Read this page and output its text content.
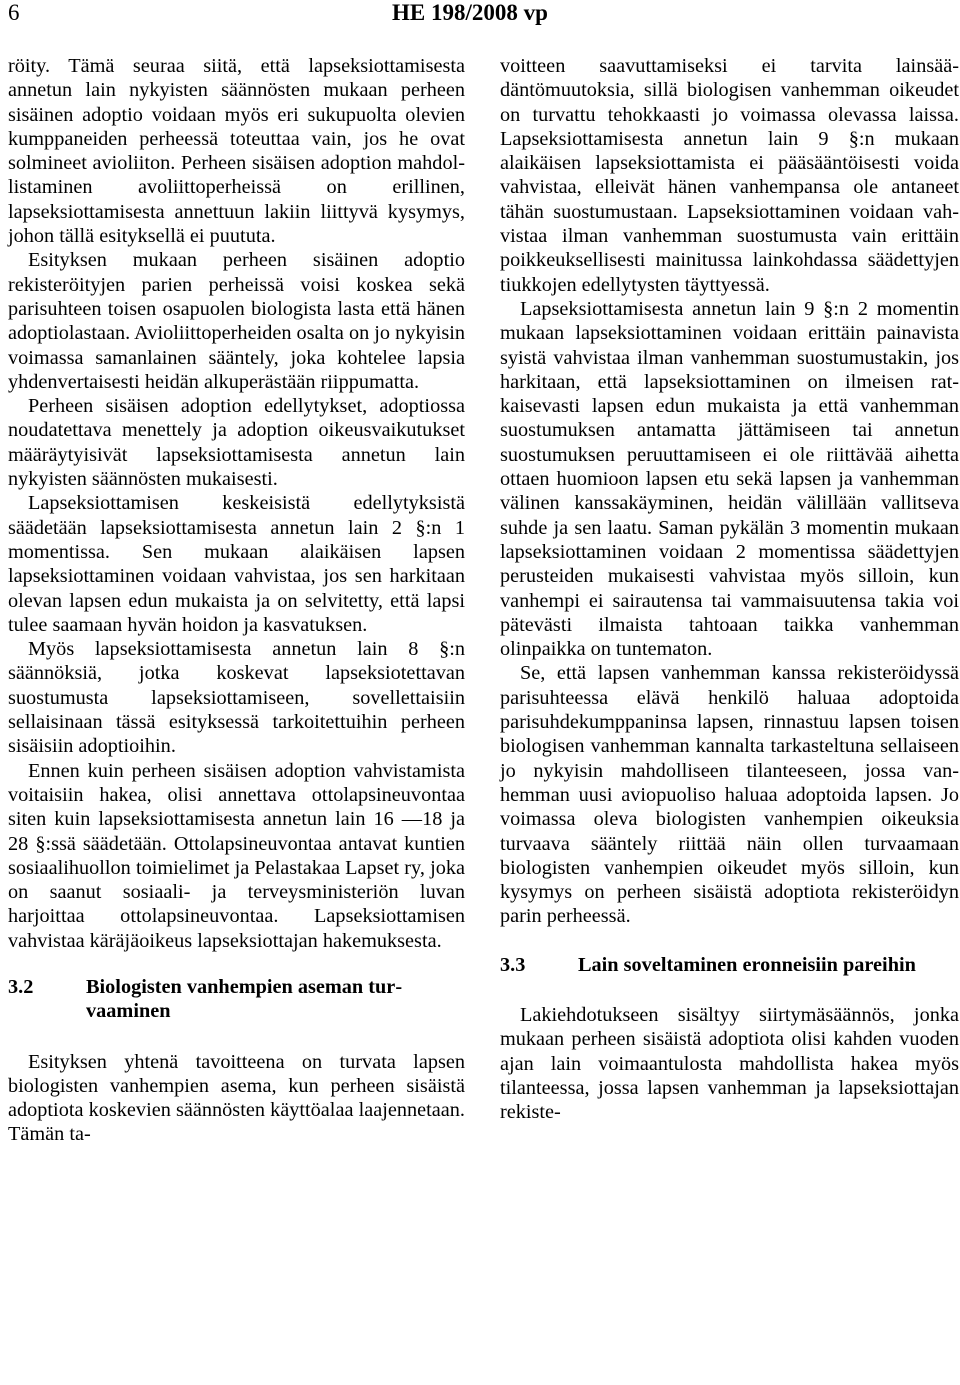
6	HE 198/2008 vp

röity. Tämä seuraa siitä, että lapseksiottamisesta annetun lain nykyisten säännösten mukaan perheen sisäinen adoptio voidaan myös eri sukupuolta olevien kumppaneiden perheessä toteuttaa vain, jos he ovat solmineet avioliiton. Perheen sisäisen adoption mahdollistaminen avoliittoperheissä on erillinen, lapseksiottamisesta annettuun lakiin liittyvä kysymys, johon tällä esityksellä ei puututa.

Esityksen mukaan perheen sisäinen adoptio rekisteröityjen parien perheissä voisi koskea sekä parisuhteen toisen osapuolen biologista lasta että hänen adoptiolastaan. Avioliittoperheiden osalta on jo nykyisin voimassa samanlainen sääntely, joka kohtelee lapsia yhdenvertaisesti heidän alkuperästään riippumatta.

Perheen sisäisen adoption edellytykset, adoptiossa noudatettava menettely ja adoption oikeusvaikutukset määräytyisivät lapseksiottamisesta annetun lain nykyisten säännösten mukaisesti.

Lapseksiottamisen keskeisistä edellytyksistä säädetään lapseksiottamisesta annetun lain 2 §:n 1 momentissa. Sen mukaan alaikäisen lapsen lapseksiottaminen voidaan vahvistaa, jos sen harkitaan olevan lapsen edun mukaista ja on selvitetty, että lapsi tulee saamaan hyvän hoidon ja kasvatuksen.

Myös lapseksiottamisesta annetun lain 8 §:n säännöksiä, jotka koskevat lapseksiotettavan suostumusta lapseksiottamiseen, sovellettaisiin sellaisinaan tässä esityksessä tarkoitettuihin perheen sisäisiin adoptioihin.

Ennen kuin perheen sisäisen adoption vahvistamista voitaisiin hakea, olisi annettava ottolapsineuvontaa siten kuin lapseksiottamisesta annetun lain 16 —18 ja 28 §:ssä säädetään. Ottolapsineuvontaa antavat kuntien sosiaalihuollon toimielimet ja Pelastakaa Lapset ry, joka on saanut sosiaali- ja terveysministeriön luvan harjoittaa ottolapsineuvontaa. Lapseksiottamisen vahvistaa käräjäoikeus lapseksiottajan hakemuksesta.

3.2	Biologisten vanhempien aseman turvaaminen

Esityksen yhtenä tavoitteena on turvata lapsen biologisten vanhempien asema, kun perheen sisäistä adoptiota koskevien säännösten käyttöalaa laajennetaan. Tämän ta-

voitteen saavuttamiseksi ei tarvita lainsäädäntömuutoksia, sillä biologisen vanhemman oikeudet on turvattu tehokkaasti jo voimassa olevassa laissa. Lapseksiottamisesta annetun lain 9 §:n mukaan alaikäisen lapseksiottamista ei pääsääntöisesti voida vahvistaa, elleivät hänen vanhempansa ole antaneet tähän suostumustaan. Lapseksiottaminen voidaan vahvistaa ilman vanhemman suostumusta vain erittäin poikkeuksellisesti mainitussa lainkohdassa säädettyjen tiukkojen edellytysten täyttyessä.

Lapseksiottamisesta annetun lain 9 §:n 2 momentin mukaan lapseksiottaminen voidaan erittäin painavista syistä vahvistaa ilman vanhemman suostumustakin, jos harkitaan, että lapseksiottaminen on ilmeisen ratkaisevasti lapsen edun mukaista ja että vanhemman suostumuksen antamatta jättämiseen tai annetun suostumuksen peruuttamiseen ei ole riittävää aihetta ottaen huomioon lapsen etu sekä lapsen ja vanhemman välinen kanssakäyminen, heidän välillään vallitseva suhde ja sen laatu. Saman pykälän 3 momentin mukaan lapseksiottaminen voidaan 2 momentissa säädettyjen perusteiden mukaisesti vahvistaa myös silloin, kun vanhempi ei sairautensa tai vammaisuutensa takia voi pätevästi ilmaista tahtoaan taikka vanhemman olinpaikka on tuntematon.

Se, että lapsen vanhemman kanssa rekisteröidyssä parisuhteessa elävä henkilö haluaa adoptoida parisuhdekumppaninsa lapsen, rinnastuu lapsen toisen biologisen vanhemman kannalta tarkasteltuna sellaiseen jo nykyisin mahdolliseen tilanteeseen, jossa vanhemman uusi aviopuoliso haluaa adoptoida lapsen. Jo voimassa oleva biologisten vanhempien oikeuksia turvaava sääntely riittää näin ollen turvaamaan biologisten vanhempien oikeudet myös silloin, kun kysymys on perheen sisäistä adoptiota rekisteröidyn parin perheessä.

3.3	Lain soveltaminen eronneisiin pareihin

Lakiehdotukseen sisältyy siirtymäsäännös, jonka mukaan perheen sisäistä adoptiota olisi kahden vuoden ajan lain voimaantulosta mahdollista hakea myös tilanteessa, jossa lapsen vanhemman ja lapseksiottajan rekiste-
